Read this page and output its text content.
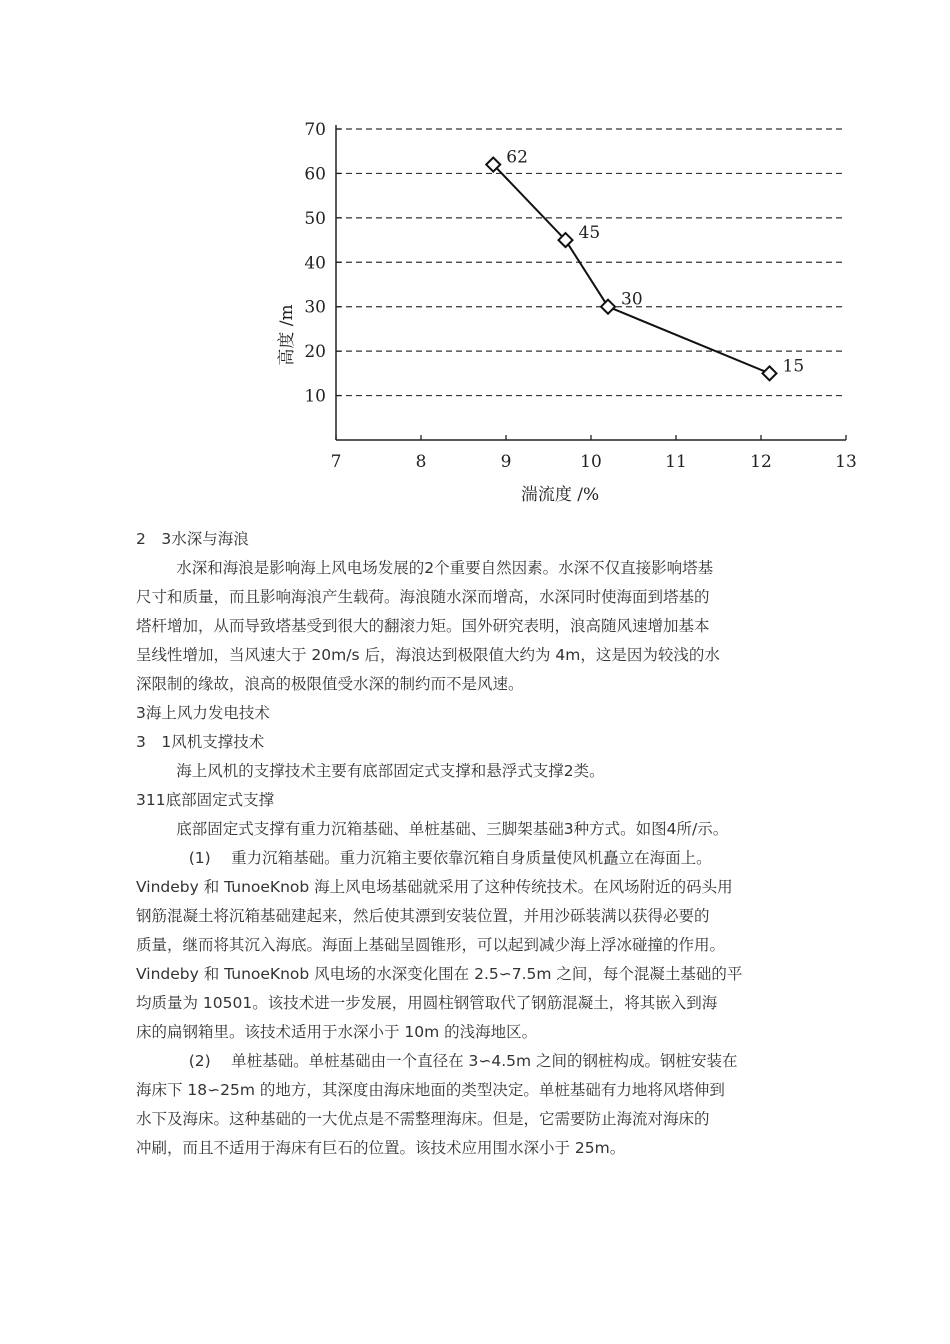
10
20
30
40
50
60
70
7	8	9	10	11	12	13
62
45
30
15
湍流度 /%
高度 /m

2　3水深与海浪

水深和海浪是影响海上风电场发展的2个重要自然因素。水深不仅直接影响塔基

尺寸和质量，而且影响海浪产生载荷。海浪随水深而增高，水深同时使海面到塔基的

塔杆增加，从而导致塔基受到很大的翻滚力矩。国外研究表明，浪高随风速增加基本

呈线性增加，当风速大于 20m/s 后，海浪达到极限值大约为 4m，这是因为较浅的水

深限制的缘故，浪高的极限值受水深的制约而不是风速。

3海上风力发电技术

3　1风机支撑技术

海上风机的支撑技术主要有底部固定式支撑和悬浮式支撑2类。

311底部固定式支撑

底部固定式支撑有重力沉箱基础、单桩基础、三脚架基础3种方式。如图4所/示。

(1)　 重力沉箱基础。重力沉箱主要依靠沉箱自身质量使风机矗立在海面上。

Vindeby 和 TunoeKnob 海上风电场基础就采用了这种传统技术。在风场附近的码头用

钢筋混凝土将沉箱基础建起来，然后使其漂到安装位置，并用沙砾装满以获得必要的

质量，继而将其沉入海底。海面上基础呈圆锥形，可以起到减少海上浮冰碰撞的作用。

Vindeby 和 TunoeKnob 风电场的水深变化围在 2.5∽7.5m 之间，每个混凝土基础的平

均质量为 10501。该技术进一步发展，用圆柱钢管取代了钢筋混凝土，将其嵌入到海

床的扁钢箱里。该技术适用于水深小于 10m 的浅海地区。

(2)　 单桩基础。单桩基础由一个直径在 3∽4.5m 之间的钢桩构成。钢桩安装在

海床下 18∽25m 的地方，其深度由海床地面的类型决定。单桩基础有力地将风塔伸到

水下及海床。这种基础的一大优点是不需整理海床。但是，它需要防止海流对海床的

冲刷，而且不适用于海床有巨石的位置。该技术应用围水深小于 25m。
